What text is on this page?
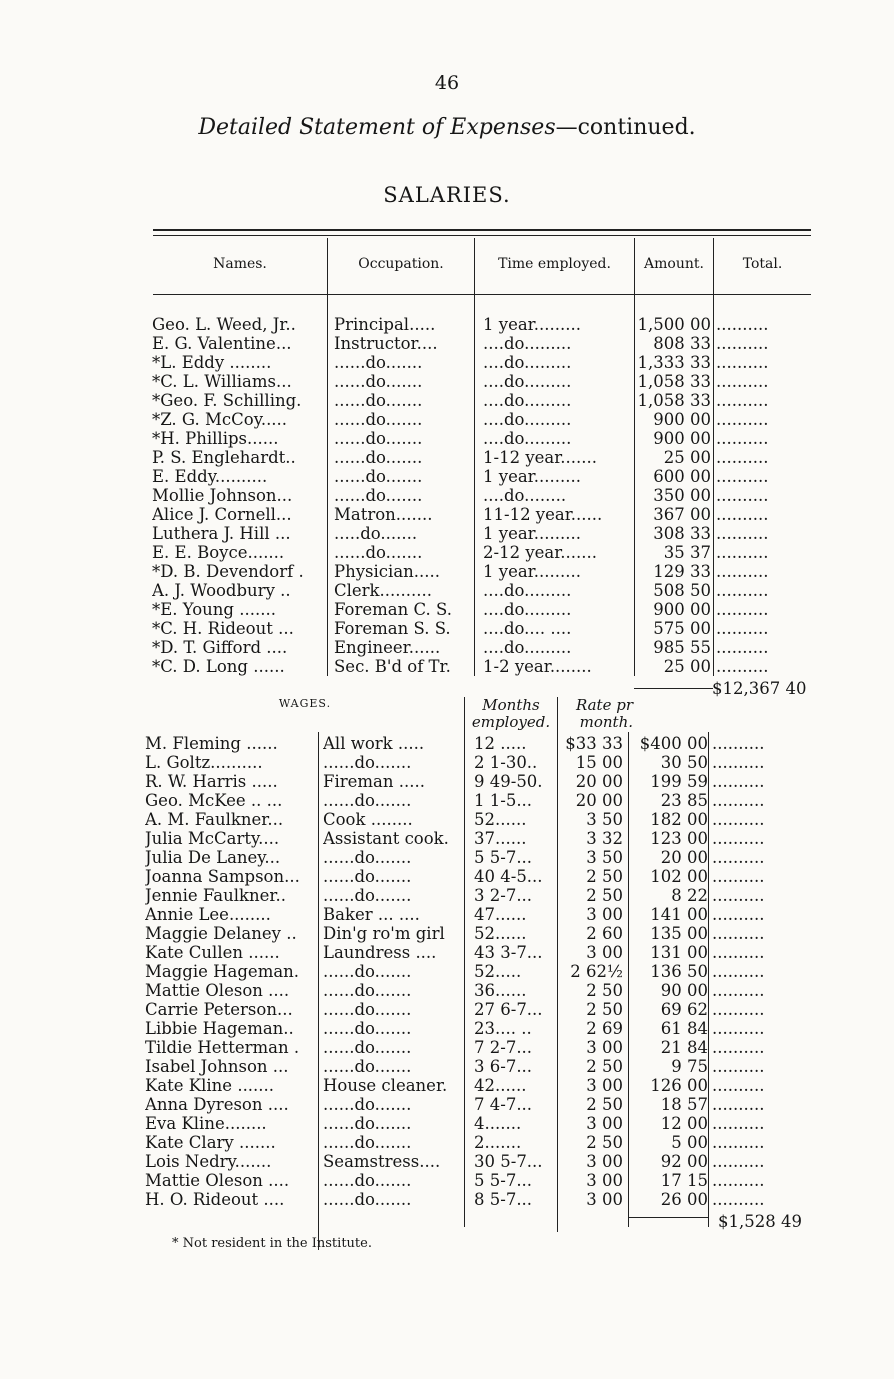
46
Detailed Statement of Expenses—continued.
SALARIES.
Names.	Occupation.	Time employed.	Amount.	Total.
Geo. L. Weed, Jr..	Principal.....	1 year.........	1,500 00 ..........
E. G. Valentine...	Instructor....	....do.........	808 33 ..........
*L. Eddy ........	......do.......	....do.........	1,333 33 ..........
*C. L. Williams...	......do.......	....do.........	1,058 33 ..........
*Geo. F. Schilling.	......do.......	....do.........	1,058 33 ..........
*Z. G. McCoy.....	......do.......	....do.........	900 00 ..........
*H. Phillips......	......do.......	....do.........	900 00 ..........
P. S. Englehardt..	......do.......	1-12 year.......	25 00 ..........
E. Eddy..........	......do.......	1 year.........	600 00 ..........
Mollie Johnson...	......do.......	....do........	350 00 ..........
Alice J. Cornell...	Matron.......	11-12 year......	367 00 ..........
Luthera J. Hill ...	.....do.......	1 year.........	308 33 ..........
E. E. Boyce.......	......do.......	2-12 year.......	35 37 ..........
*D. B. Devendorf .	Physician.....	1 year.........	129 33 ..........
A. J. Woodbury ..	Clerk..........	....do.........	508 50 ..........
*E. Young .......	Foreman C. S.	....do.........	900 00 ..........
*C. H. Rideout ...	Foreman S. S.	....do.... ....	575 00 ..........
*D. T. Gifford ....	Engineer......	....do.........	985 55 ..........
*C. D. Long ......	Sec. B'd of Tr.	1-2 year........	25 00 ..........
$12,367 40
WAGES.	Months
employed.
Rate pr
month.
M. Fleming ......	All work .....	12 .....	$33 33	$400 00 ..........
L. Goltz..........	......do.......	2 1-30..	15 00	30 50 ..........
R. W. Harris .....	Fireman .....	9 49-50.	20 00	199 59 ..........
Geo. McKee .. ...	......do.......	1 1-5...	20 00	23 85 ..........
A. M. Faulkner...	Cook ........	52......	3 50	182 00 ..........
Julia McCarty....	Assistant cook.	37......	3 32	123 00 ..........
Julia De Laney...	......do.......	5 5-7...	3 50	20 00 ..........
Joanna Sampson...	......do.......	40 4-5...	2 50	102 00 ..........
Jennie Faulkner..	......do.......	3 2-7...	2 50	8 22 ..........
Annie Lee........	Baker ... ....	47......	3 00	141 00 ..........
Maggie Delaney ..	Din'g ro'm girl	52......	2 60	135 00 ..........
Kate Cullen ......	Laundress ....	43 3-7...	3 00	131 00 ..........
Maggie Hageman.	......do.......	52.....	2 62½	136 50 ..........
Mattie Oleson ....	......do.......	36......	2 50	90 00 ..........
Carrie Peterson...	......do.......	27 6-7...	2 50	69 62 ..........
Libbie Hageman..	......do.......	23.... ..	2 69	61 84 ..........
Tildie Hetterman .	......do.......	7 2-7...	3 00	21 84 ..........
Isabel Johnson ...	......do.......	3 6-7...	2 50	9 75 ..........
Kate Kline .......	House cleaner.	42......	3 00	126 00 ..........
Anna Dyreson ....	......do.......	7 4-7...	2 50	18 57 ..........
Eva Kline........	......do.......	4.......	3 00	12 00 ..........
Kate Clary .......	......do.......	2.......	2 50	5 00 ..........
Lois Nedry.......	Seamstress....	30 5-7...	3 00	92 00 ..........
Mattie Oleson ....	......do.......	5 5-7...	3 00	17 15 ..........
H. O. Rideout ....	......do.......	8 5-7...	3 00	26 00 ..........
$1,528 49
* Not resident in the Institute.
